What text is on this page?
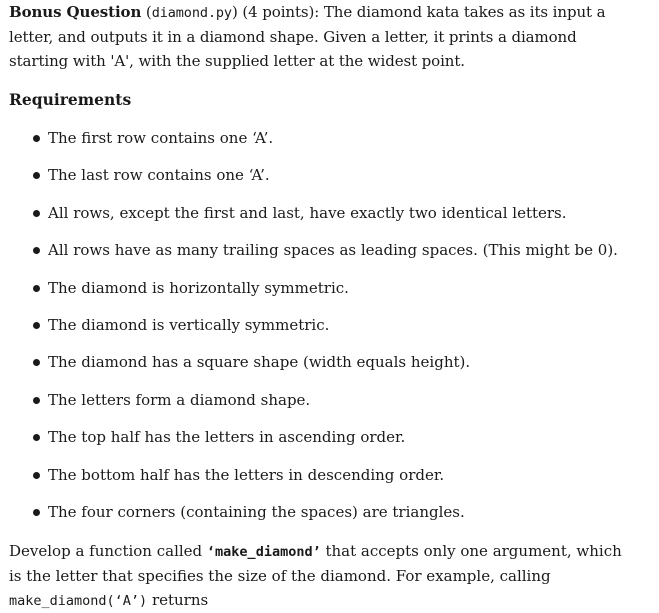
Bonus Question (diamond.py) (4 points): The diamond kata takes as its input a letter, and outputs it in a diamond shape. Given a letter, it prints a diamond starting with 'A', with the supplied letter at the widest point.
Requirements
The first row contains one ‘A’.
The last row contains one ‘A’.
All rows, except the first and last, have exactly two identical letters.
All rows have as many trailing spaces as leading spaces. (This might be 0).
The diamond is horizontally symmetric.
The diamond is vertically symmetric.
The diamond has a square shape (width equals height).
The letters form a diamond shape.
The top half has the letters in ascending order.
The bottom half has the letters in descending order.
The four corners (containing the spaces) are triangles.
Develop a function called ‘make_diamond’ that accepts only one argument, which is the letter that specifies the size of the diamond. For example, calling make_diamond(‘A’) returns
